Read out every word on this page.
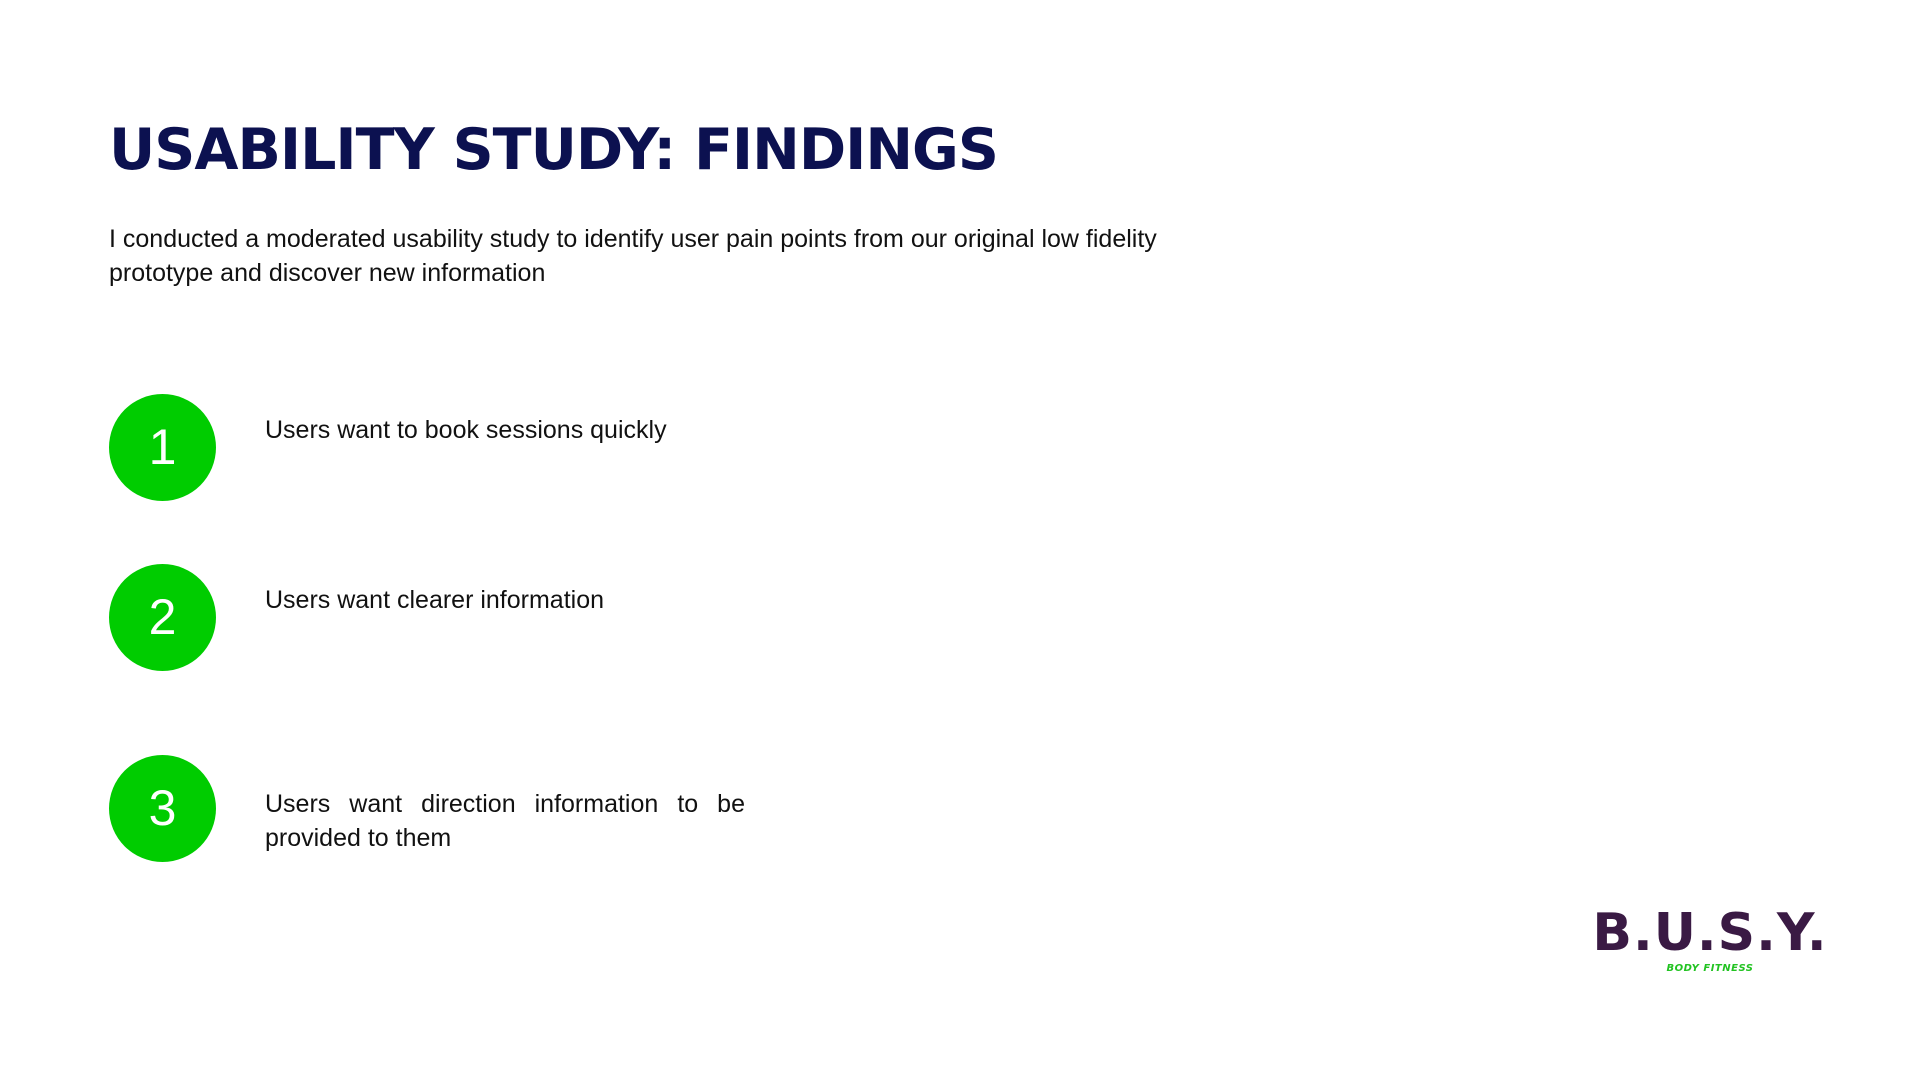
USABILITY STUDY: FINDINGS

I conducted a moderated usability study to identify user pain points from our original low fidelity prototype and discover new information

1	Users want to book sessions quickly

2	Users want clearer information

3	Users want direction information to be provided to them

B.U.S.Y.
BODY FITNESS
